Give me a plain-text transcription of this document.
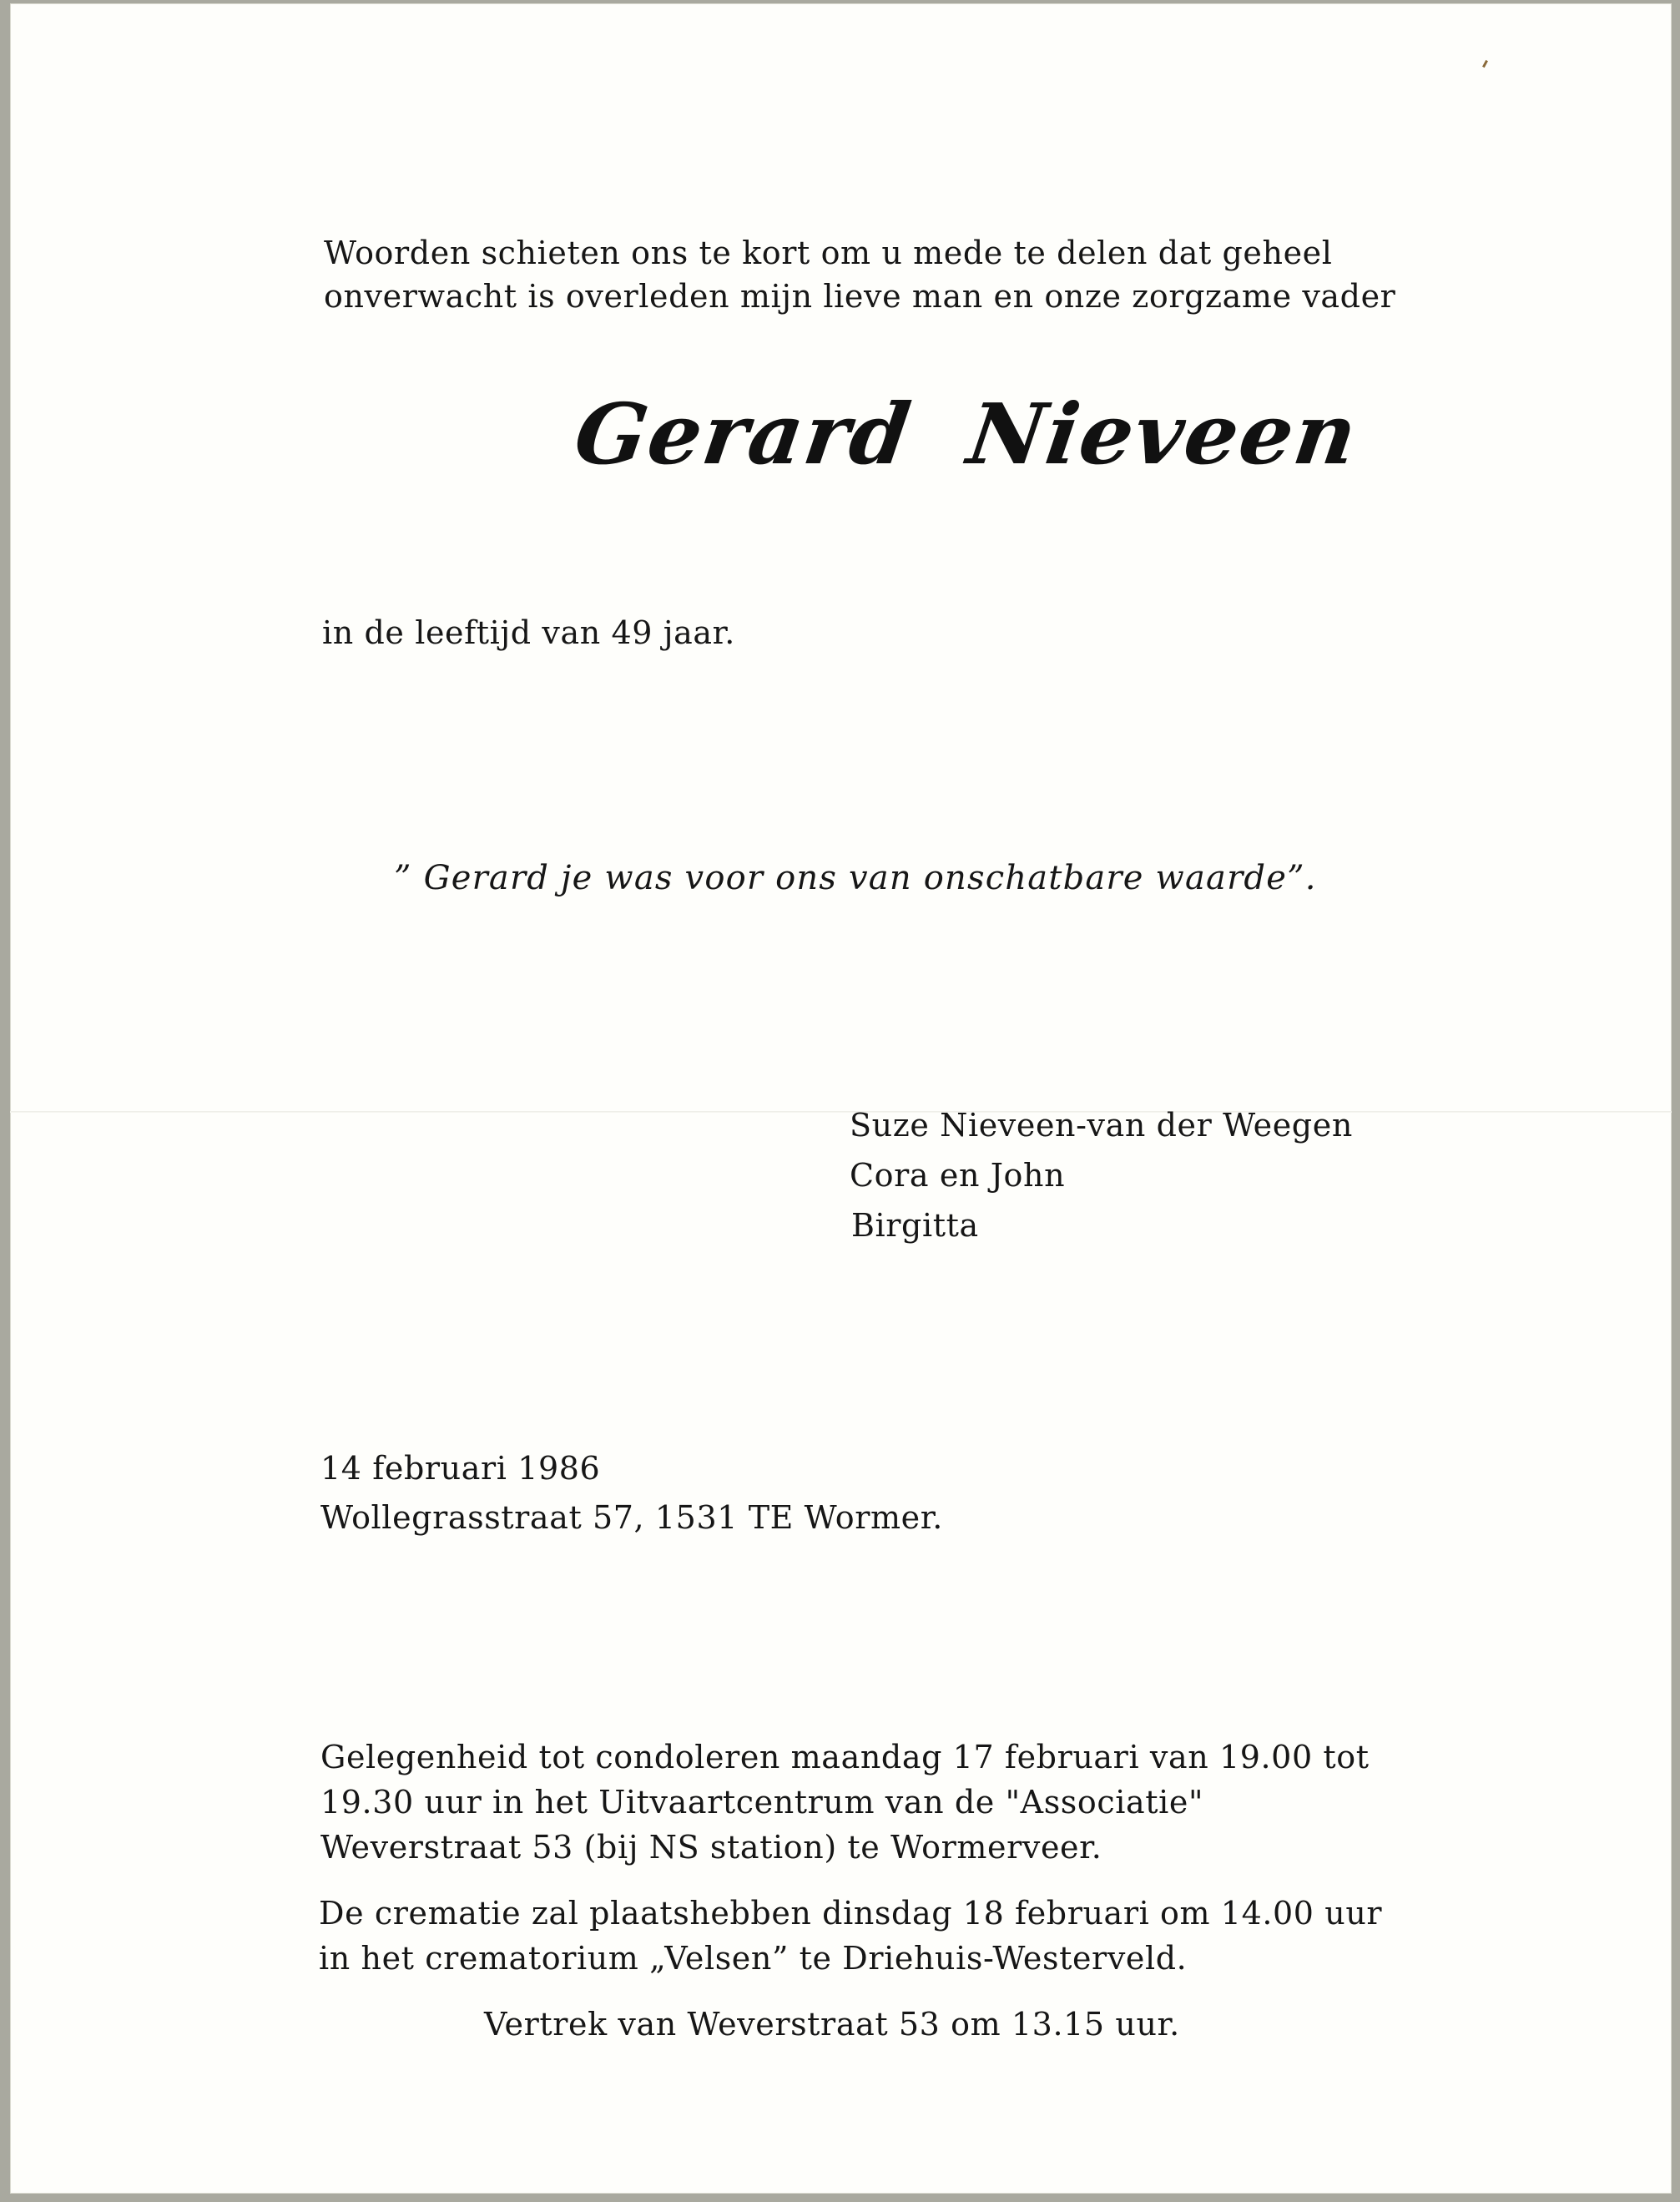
Woorden schieten ons te kort om u mede te delen dat geheel
onverwacht is overleden mijn lieve man en onze zorgzame vader
Gerard Nieveen
in de leeftijd van 49 jaar.
” Gerard je was voor ons van onschatbare waarde”.
Suze Nieveen-van der Weegen
Cora en John
Birgitta
14 februari 1986
Wollegrasstraat 57, 1531 TE Wormer.
Gelegenheid tot condoleren maandag 17 februari van 19.00 tot
19.30 uur in het Uitvaartcentrum van de "Associatie"
Weverstraat 53 (bij NS station) te Wormerveer.
De crematie zal plaatshebben dinsdag 18 februari om 14.00 uur
in het crematorium „Velsen” te Driehuis-Westerveld.
Vertrek van Weverstraat 53 om 13.15 uur.
